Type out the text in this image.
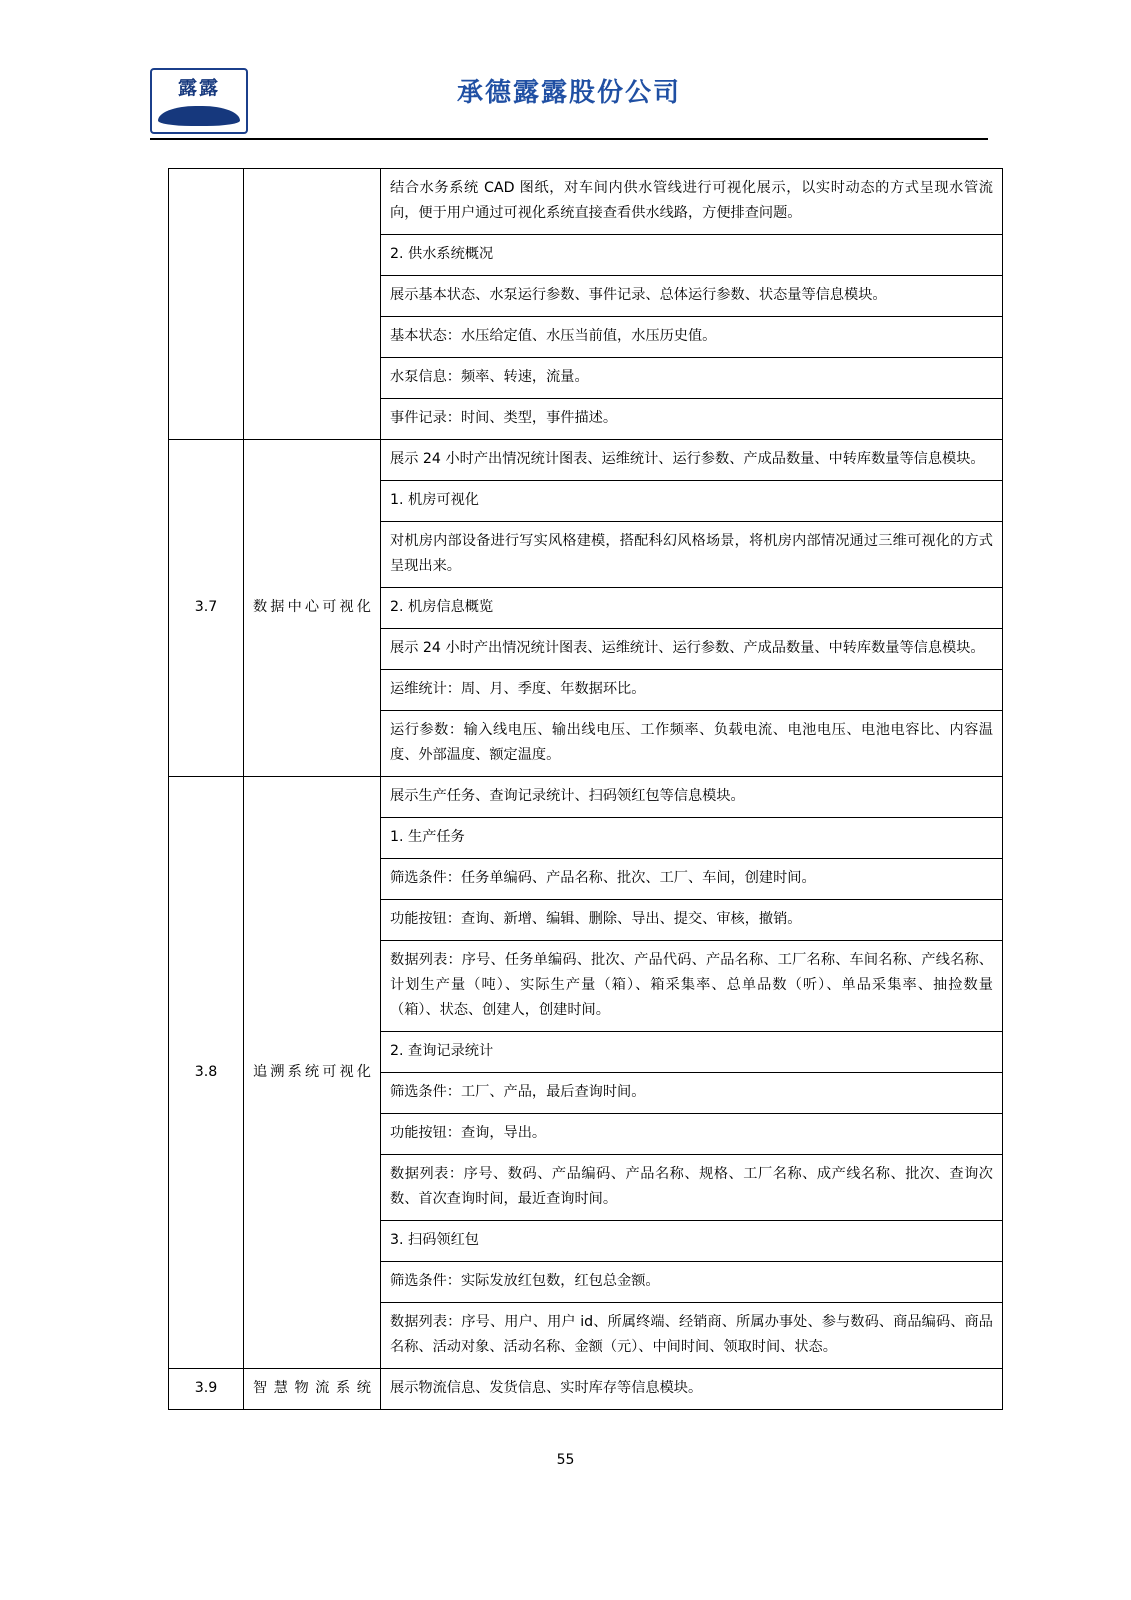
露露	承德露露股份公司
		结合水务系统 CAD 图纸，对车间内供水管线进行可视化展示，以实时动态的方式呈现水管流向，便于用户通过可视化系统直接查看供水线路，方便排查问题。
		2. 供水系统概况
		展示基本状态、水泵运行参数、事件记录、总体运行参数、状态量等信息模块。
		基本状态：水压给定值、水压当前值，水压历史值。
		水泵信息：频率、转速，流量。
		事件记录：时间、类型，事件描述。
3.7	数据中心可视化	展示 24 小时产出情况统计图表、运维统计、运行参数、产成品数量、中转库数量等信息模块。
		1. 机房可视化
		对机房内部设备进行写实风格建模，搭配科幻风格场景，将机房内部情况通过三维可视化的方式呈现出来。
		2. 机房信息概览
		展示 24 小时产出情况统计图表、运维统计、运行参数、产成品数量、中转库数量等信息模块。
		运维统计：周、月、季度、年数据环比。
		运行参数：输入线电压、输出线电压、工作频率、负载电流、电池电压、电池电容比、内容温度、外部温度、额定温度。
3.8	追溯系统可视化	展示生产任务、查询记录统计、扫码领红包等信息模块。
		1. 生产任务
		筛选条件：任务单编码、产品名称、批次、工厂、车间，创建时间。
		功能按钮：查询、新增、编辑、删除、导出、提交、审核，撤销。
		数据列表：序号、任务单编码、批次、产品代码、产品名称、工厂名称、车间名称、产线名称、计划生产量（吨）、实际生产量（箱）、箱采集率、总单品数（听）、单品采集率、抽捡数量（箱）、状态、创建人，创建时间。
		2. 查询记录统计
		筛选条件：工厂、产品，最后查询时间。
		功能按钮：查询，导出。
		数据列表：序号、数码、产品编码、产品名称、规格、工厂名称、成产线名称、批次、查询次数、首次查询时间，最近查询时间。
		3. 扫码领红包
		筛选条件：实际发放红包数，红包总金额。
		数据列表：序号、用户、用户 id、所属终端、经销商、所属办事处、参与数码、商品编码、商品名称、活动对象、活动名称、金额（元）、中间时间、领取时间、状态。
3.9	智慧物流系统	展示物流信息、发货信息、实时库存等信息模块。
55
